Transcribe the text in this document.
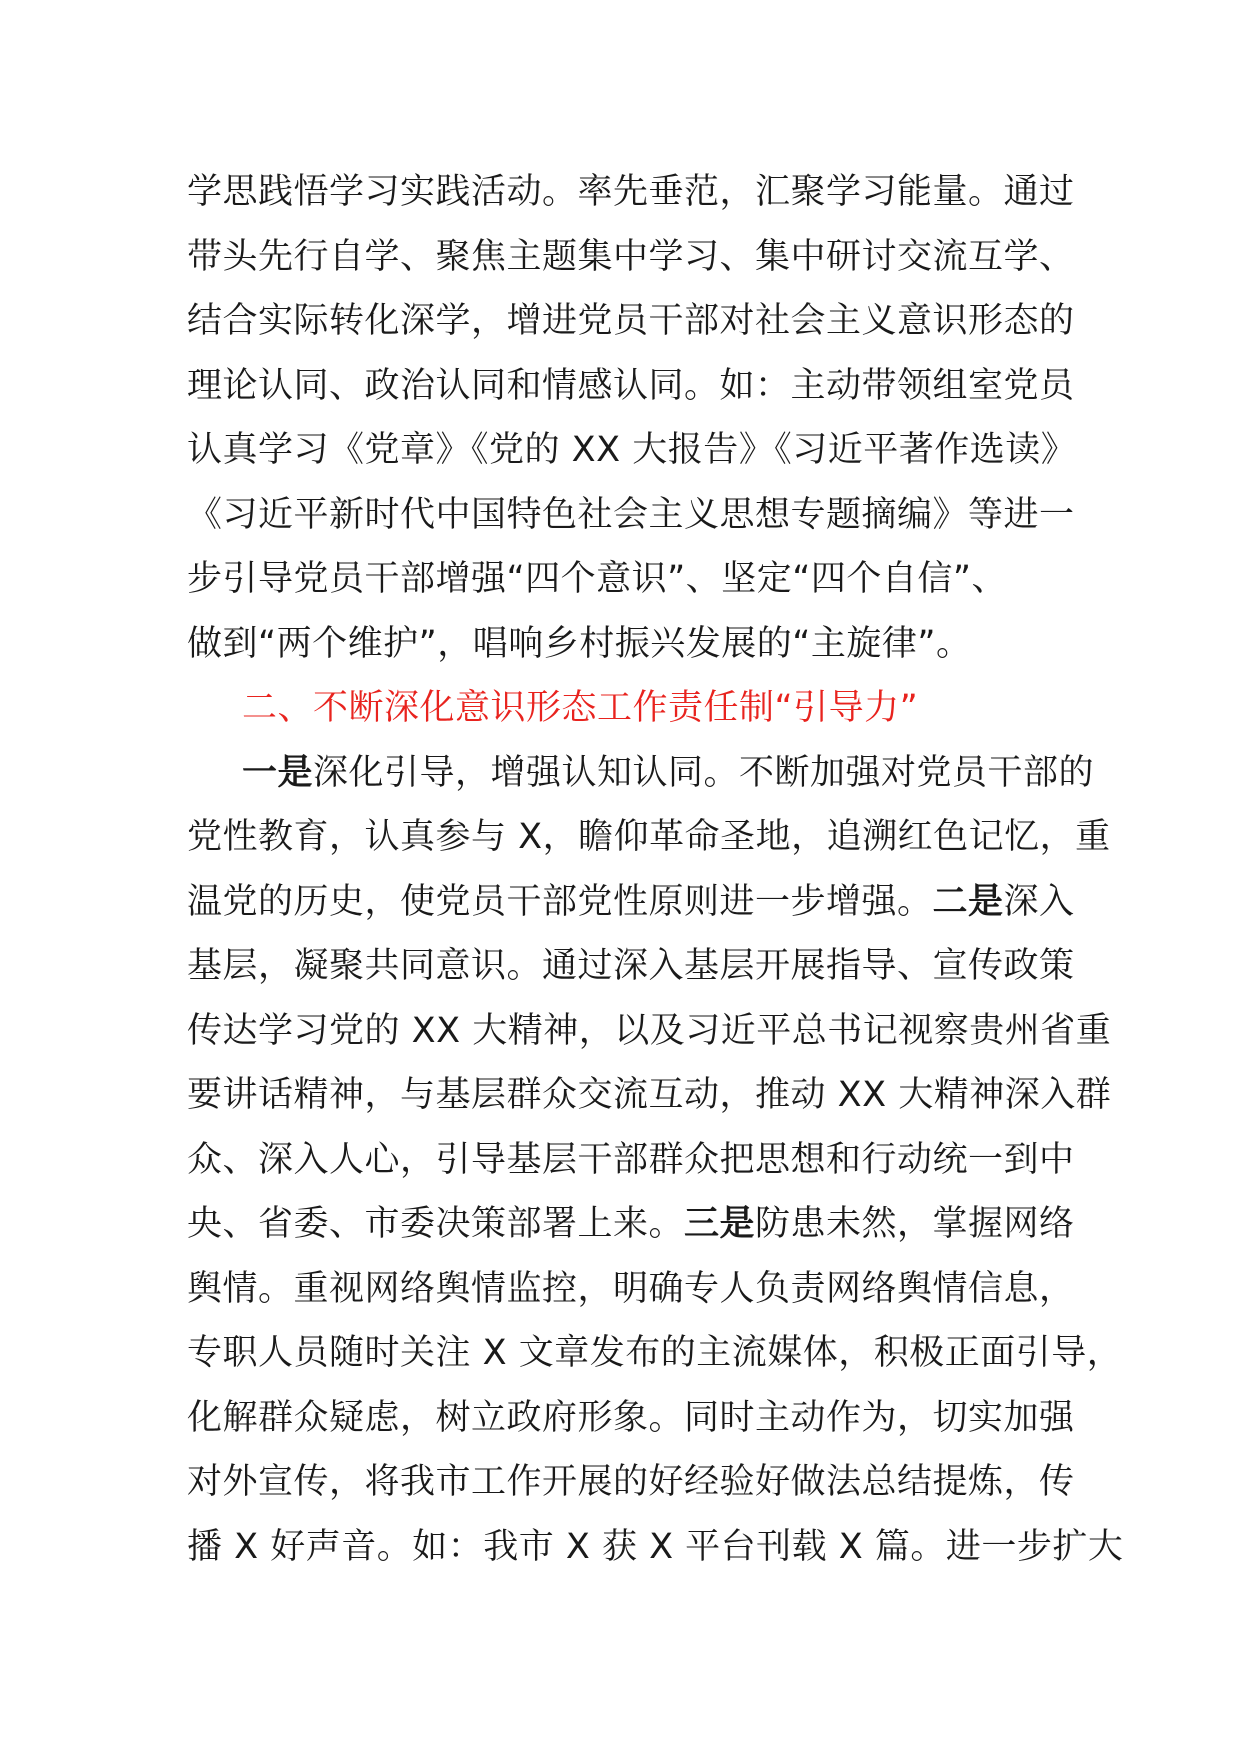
学思践悟学习实践活动。率先垂范，汇聚学习能量。通过
带头先行自学、聚焦主题集中学习、集中研讨交流互学、
结合实际转化深学，增进党员干部对社会主义意识形态的
理论认同、政治认同和情感认同。如：主动带领组室党员
认真学习《党章》《党的 XX 大报告》《习近平著作选读》
《习近平新时代中国特色社会主义思想专题摘编》等进一
步引导党员干部增强“四个意识”、坚定“四个自信”、
做到“两个维护”，唱响乡村振兴发展的“主旋律”。
二、不断深化意识形态工作责任制“引导力”
一是深化引导，增强认知认同。不断加强对党员干部的
党性教育，认真参与 X，瞻仰革命圣地，追溯红色记忆，重
温党的历史，使党员干部党性原则进一步增强。二是深入
基层，凝聚共同意识。通过深入基层开展指导、宣传政策
传达学习党的 XX 大精神，以及习近平总书记视察贵州省重
要讲话精神，与基层群众交流互动，推动 XX 大精神深入群
众、深入人心，引导基层干部群众把思想和行动统一到中
央、省委、市委决策部署上来。三是防患未然，掌握网络
舆情。重视网络舆情监控，明确专人负责网络舆情信息，
专职人员随时关注 X 文章发布的主流媒体，积极正面引导，
化解群众疑虑，树立政府形象。同时主动作为，切实加强
对外宣传，将我市工作开展的好经验好做法总结提炼，传
播 X 好声音。如：我市 X 获 X 平台刊载 X 篇。进一步扩大
